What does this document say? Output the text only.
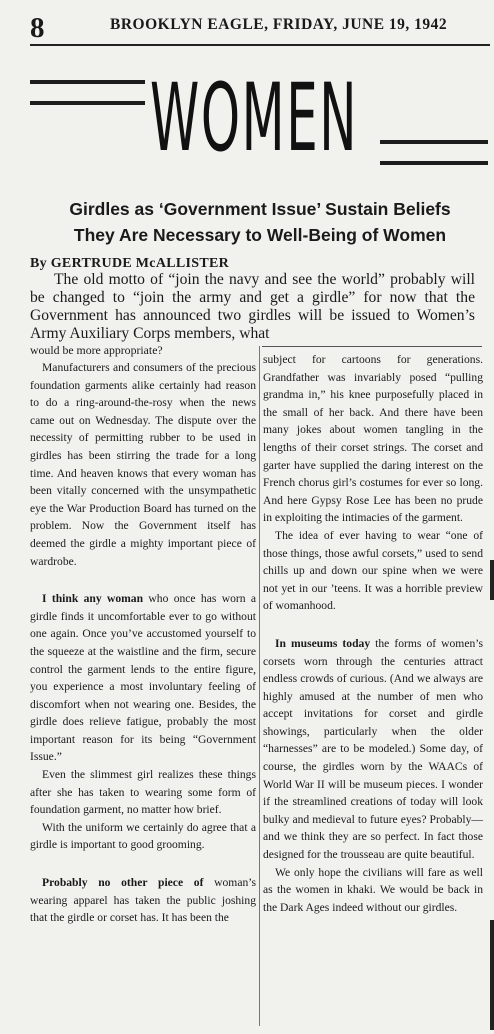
8	BROOKLYN EAGLE, FRIDAY, JUNE 19, 1942
WOMEN
Girdles as ‘Government Issue’ Sustain Beliefs
They Are Necessary to Well-Being of Women
By GERTRUDE McALLISTER
The old motto of “join the navy and see the world” probably will be changed to “join the army and get a girdle” for now that the Government has announced two girdles will be issued to Women’s Army Auxiliary Corps members, what
would be more appropriate?

Manufacturers and consumers of the precious foundation garments alike certainly had reason to do a ring-around-the-rosy when the news came out on Wednesday. The dispute over the necessity of permitting rubber to be used in girdles has been stirring the trade for a long time. And heaven knows that every woman has been vitally concerned with the unsympathetic eye the War Production Board has turned on the problem. Now the Government itself has deemed the girdle a mighty important piece of wardrobe.

I think any woman who once has worn a girdle finds it uncomfortable ever to go without one again. Once you’ve accustomed yourself to the squeeze at the waistline and the firm, secure control the garment lends to the entire figure, you experience a most involuntary feeling of discomfort when not wearing one. Besides, the girdle does relieve fatigue, probably the most important reason for its being “Government Issue.”

Even the slimmest girl realizes these things after she has taken to wearing some form of foundation garment, no matter how brief.

With the uniform we certainly do agree that a girdle is important to good grooming.

Probably no other piece of woman’s wearing apparel has taken the public joshing that the girdle or corset has. It has been the

subject for cartoons for generations. Grandfather was invariably posed “pulling grandma in,” his knee purposefully placed in the small of her back. And there have been many jokes about women tangling in the lengths of their corset strings. The corset and garter have supplied the daring interest on the French chorus girl’s costumes for ever so long. And here Gypsy Rose Lee has been no prude in exploiting the intimacies of the garment.

The idea of ever having to wear “one of those things, those awful corsets,” used to send chills up and down our spine when we were not yet in our ’teens. It was a horrible preview of womanhood.

In museums today the forms of women’s corsets worn through the centuries attract endless crowds of curious. (And we always are highly amused at the number of men who accept invitations for corset and girdle showings, particularly when the older “harnesses” are to be modeled.) Some day, of course, the girdles worn by the WAACs of World War II will be museum pieces. I wonder if the streamlined creations of today will look bulky and medieval to future eyes? Probably—and we think they are so perfect. In fact those designed for the trousseau are quite beautiful.

We only hope the civilians will fare as well as the women in khaki. We would be back in the Dark Ages indeed without our girdles.
